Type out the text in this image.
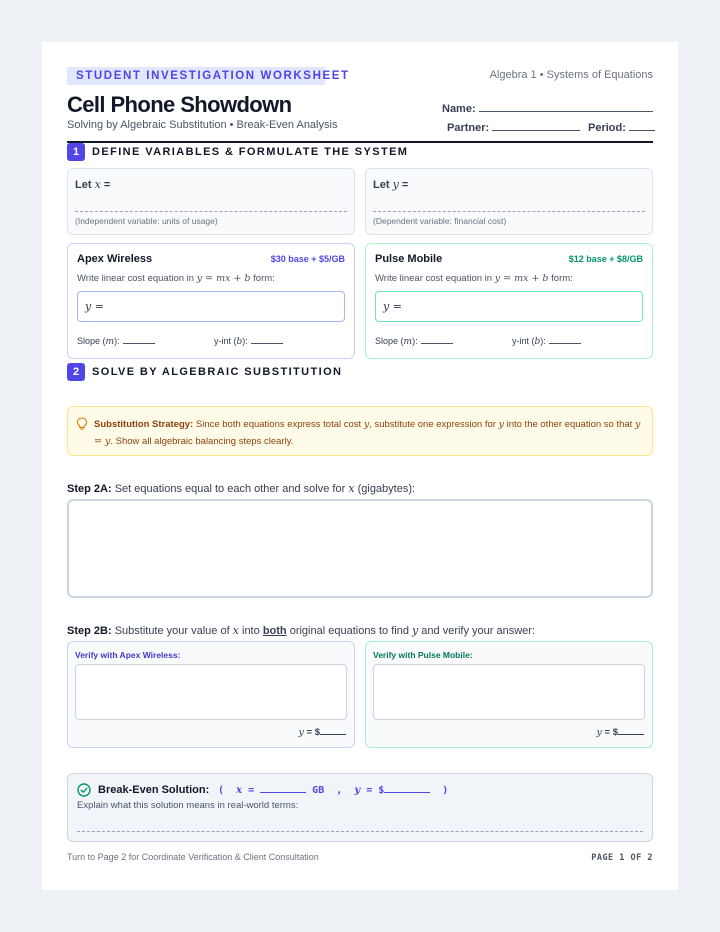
STUDENT INVESTIGATION WORKSHEET	Algebra 1 • Systems of Equations
Cell Phone Showdown
Solving by Algebraic Substitution • Break-Even Analysis
Name:
Partner:	Period:
1	DEFINE VARIABLES & FORMULATE THE SYSTEM
Let x =
(Independent variable: units of usage)
Let y =
(Dependent variable: financial cost)
Apex Wireless	$30 base + $5/GB
Write linear cost equation in y = mx + b form:
y =
Slope (m):	y-int (b):
Pulse Mobile	$12 base + $8/GB
Write linear cost equation in y = mx + b form:
y =
Slope (m):	y-int (b):
2	SOLVE BY ALGEBRAIC SUBSTITUTION
Substitution Strategy: Since both equations express total cost y, substitute one expression for y into the other equation so that y = y. Show all algebraic balancing steps clearly.
Step 2A: Set equations equal to each other and solve for x (gigabytes):
Step 2B: Substitute your value of x into both original equations to find y and verify your answer:
Verify with Apex Wireless:
y = $
Verify with Pulse Mobile:
y = $
Break-Even Solution: ( x =	GB , y = $	)
Explain what this solution means in real-world terms:
Turn to Page 2 for Coordinate Verification & Client Consultation	PAGE 1 OF 2
